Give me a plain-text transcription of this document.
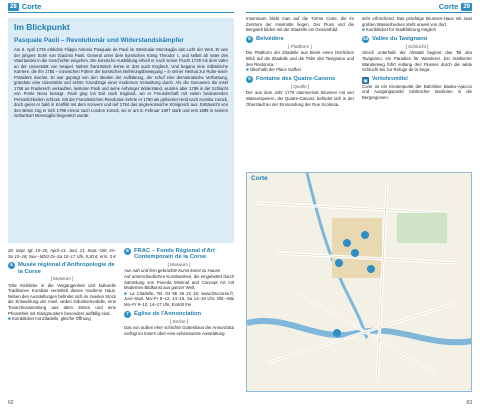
28 Corte	Corte 29
Im Blickpunkt
Pasquale Paoli – Revolutionär und Widerstandskämpfer
Am 6. April 1725 erblickte Filippo Antonio Pasquale de Paoli im Streitcular Morosaglia das Licht der Welt. Er war der jüngere Sohn von Giacinto Paoli, General unter dem korsischen König Theodor I., und selbst ab Vater des Vaterlandes in die Geschichte eingehen. Die korsische Ausbildung erhielt er nach seiner Flucht 1739 mit dem Vater an der Universität von Neapel. Neben französisch lernte er dort auch Englisch. Und begann eine militärische Karriere, die ihn 1755 – inzwischen Führer der korsischen Befreiungsbewegung – in seiner Heimat zur Ruhe-Insel-Präsident machte. Er war geprägt von den Idealen der Aufklärung, der schuf eine demokratische Verfassung, gründete eine Universität und setzte Grundzüge einer modernen Verwaltung durch. Als die Genuesen die Insel 1768 an Frankreich verkauften, leisteten Paoli und seine Anhänger Widerstand, wurden aber 1769 in der Schlacht von Ponte Novu besiegt. Paoli ging ins Exil nach England, wo er Freundschaft mit vielen bedeutenden Persönlichkeiten schloss. Mit der Französischen Revolution kehrte er 1790 als gefeierter Held nach Korsika zurück, doch geriet er bald in Konflikt mit dem Konvent und rief 1794 das anglo-korsische Königreich aus. Enttäuscht von den Briten zog er sich 1795 erneut nach London zurück, wo er am 5. Februar 1807 starb und erst 1889 in seinem Geburtsort Morosaglia beigesetzt wurde.

20. Sept. tgl. 10–20, April–21. Juni, 21. Sept.–Okt. Di–So 10–18, Nov.–März Di–Sa 10–17 Uhr, 5,30 €, erm. 3 €

5 Musée régional d'Anthropologie de la Corse
[ Museum ]

Tolle Einblicke in die Vergangenheit und kulturelle Traditionen Korsikas vermittelt dieses moderne Haus. Neben den Ausstellungen befindet sich im zweiten Stock die Entwicklung der Insel, wobei Industriemodelle, eine Tonarchivsammlung aus alten Zeiten und eine Phonothek mit Klangmustern besonders auffällig sind.

■ Kombiticket mit Zitadelle, gleiche Öffnung

6 FRAC – Fonds Régional d'Art Contemporain de la Corse
[ Museum ]

Aus nah und fern gebrachte Kunst kunst zu Hause

Auf unterschiedlichen Kunstwerken, die eingebettet durch Sammlung von Poveda Minimal and Concept Art mit Modernen Bildkunst aus ganzer Welt.

■ La Citadelle, Tel. 04 95 46 22 18, www.fraccorse.fr, Juni–Sept. Mo–Fr 9–12, 14–18, Sa 14–18 Uhr, Okt.–Mai Mo–Fr 9–12, 14–17 Uhr, Eintritt frei

7 Église de l'Annonciation
[ Kirche ]

Das von außen eher schlichte Gotteshaus der Annunziata verfügt im Innern über eine sehenswerte Ausstattung.

Innenraum blickt man auf die Türme Corte, die im Zentrum der Inselmitte liegen. Der Fluss und die Bergwelt bilden mit der Zitadelle ein Gesamtbild.

8 Belvédère
[ Plattform ]

Die Plattform der Zitadelle aus bietet einen herrlichen Blick auf die Zitadelle und die Täler des Tavignano und des Restonica.

■ Oberhalb der Place Gaffori

9 Fontaine des Quatre-Canons
[ Quelle ]

Der aus dem Jahr 1778 stammende Brunnen mit vier Wasserspeiern, der Quatre-Canons, befindet sich in der Oberstadt an der Einmündung der Rue Scoliscia.

sehr erfrischend. Das prächtige Brunnen-Haus mit zwei großen Wasserbecken steht unweit von dort.

■ Kombiticket für Stadtführung möglich

10 Vallée du Tavignano
[ Schlucht ]

Gleich unterhalb der Altstadt beginnt das Tal des Tavignano, ein Paradies für Wanderer. Ein markierter Wanderweg führt entlang des Flusses durch die wilde Schlucht bis zur Refuge de la Sega.

▣ Verkehrsmittel

Corte ist ein Knotenpunkt der Bahnlinie Bastia–Ajaccio und Ausgangspunkt zahlreicher Buslinien in die Bergregionen.

Corte
62	63
